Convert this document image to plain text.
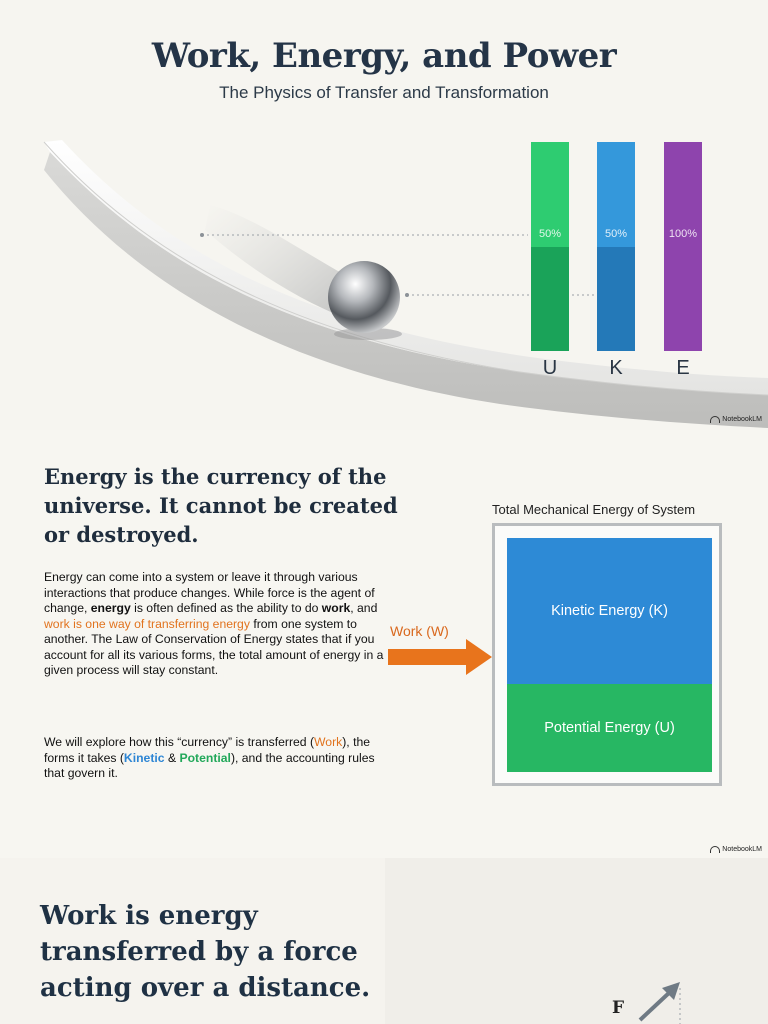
Work, Energy, and Power

The Physics of Transfer and Transformation

50%
U
50%
K
100%
E
NotebookLM
Energy is the currency of the universe. It cannot be created or destroyed.

Energy can come into a system or leave it through various interactions that produce changes. While force is the agent of change, energy is often defined as the ability to do work, and work is one way of transferring energy from one system to another. The Law of Conservation of Energy states that if you account for all its various forms, the total amount of energy in a given process will stay constant.

We will explore how this “currency” is transferred (Work), the forms it takes (Kinetic & Potential), and the accounting rules that govern it.

Work (W)
Total Mechanical Energy of System
Kinetic Energy (K)
Potential Energy (U)
NotebookLM
Work is energy transferred by a force acting over a distance.
F
